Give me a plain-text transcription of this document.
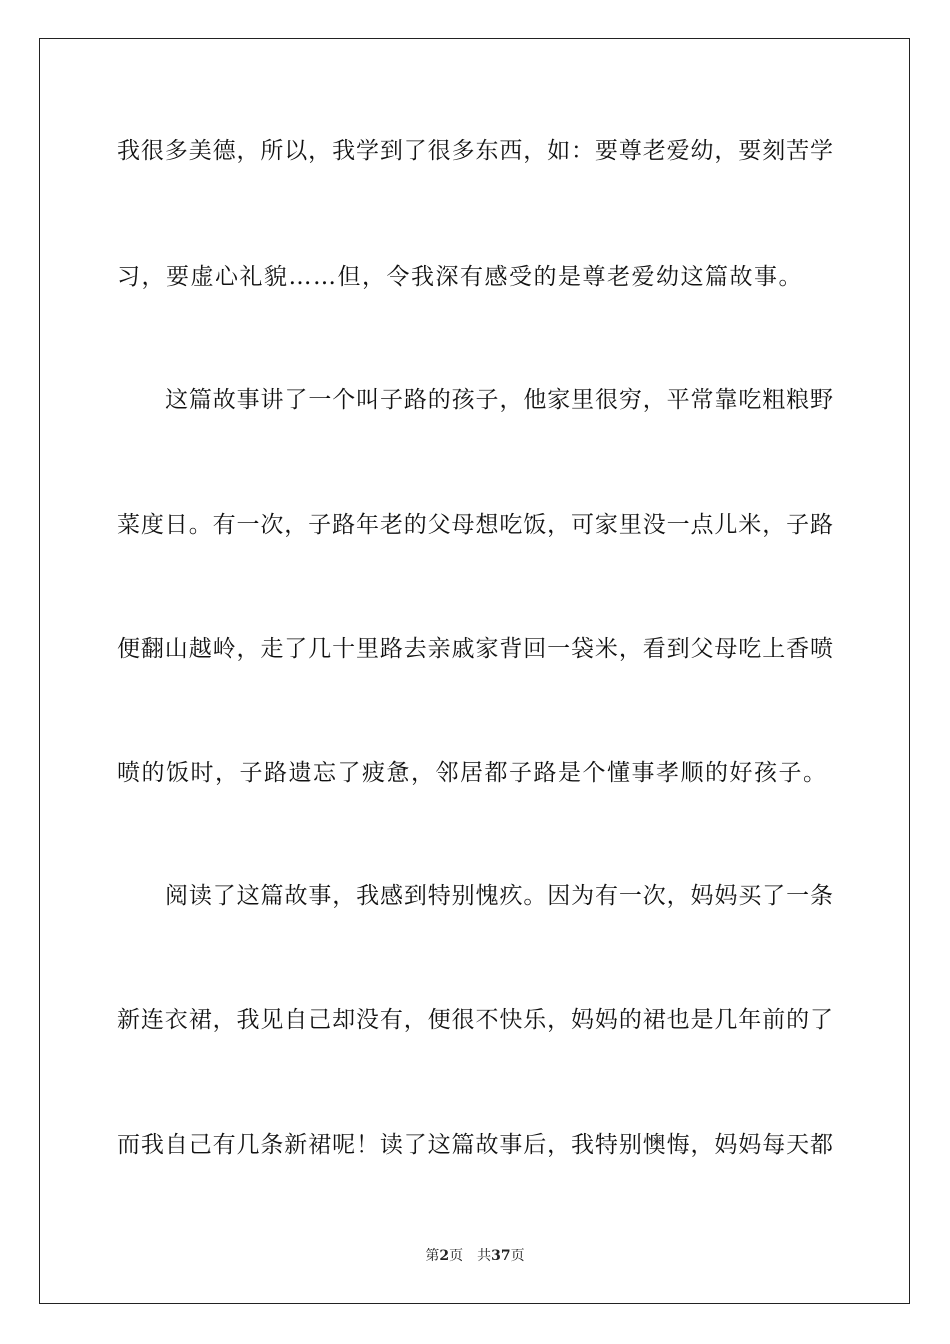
我很多美德，所以，我学到了很多东西，如：要尊老爱幼，要刻苦学
习，要虚心礼貌……但，令我深有感受的是尊老爱幼这篇故事。
这篇故事讲了一个叫子路的孩子，他家里很穷，平常靠吃粗粮野
菜度日。有一次，子路年老的父母想吃饭，可家里没一点儿米，子路
便翻山越岭，走了几十里路去亲戚家背回一袋米，看到父母吃上香喷
喷的饭时，子路遗忘了疲惫，邻居都子路是个懂事孝顺的好孩子。
阅读了这篇故事，我感到特别愧疚。因为有一次，妈妈买了一条
新连衣裙，我见自己却没有，便很不快乐，妈妈的裙也是几年前的了
而我自己有几条新裙呢！读了这篇故事后，我特别懊悔，妈妈每天都
第2页 共37页
